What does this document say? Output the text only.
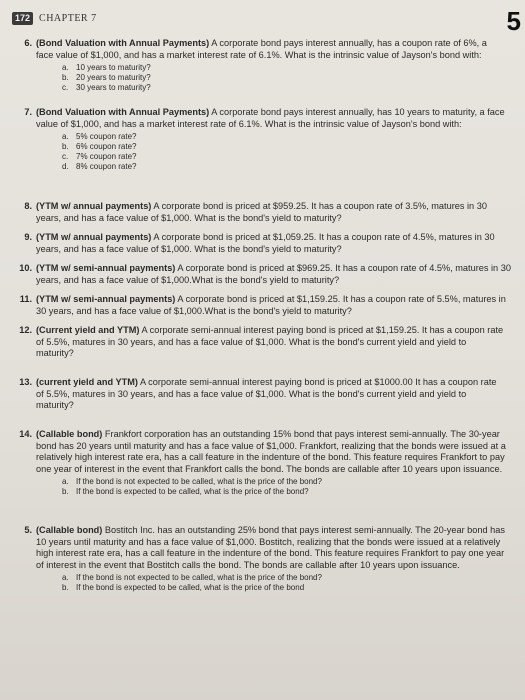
172 CHAPTER 7	5
6. (Bond Valuation with Annual Payments) A corporate bond pays interest annually, has a coupon rate of 6%, a face value of $1,000, and has a market interest rate of 6.1%. What is the intrinsic value of Jayson's bond with:
a. 10 years to maturity?
b. 20 years to maturity?
c. 30 years to maturity?
7. (Bond Valuation with Annual Payments) A corporate bond pays interest annually, has 10 years to maturity, a face value of $1,000, and has a market interest rate of 6.1%. What is the intrinsic value of Jayson's bond with:
a. 5% coupon rate?
b. 6% coupon rate?
c. 7% coupon rate?
d. 8% coupon rate?
8. (YTM w/ annual payments) A corporate bond is priced at $959.25. It has a coupon rate of 3.5%, matures in 30 years, and has a face value of $1,000. What is the bond's yield to maturity?
9. (YTM w/ annual payments) A corporate bond is priced at $1,059.25. It has a coupon rate of 4.5%, matures in 30 years, and has a face value of $1,000. What is the bond's yield to maturity?
10. (YTM w/ semi-annual payments) A corporate bond is priced at $969.25. It has a coupon rate of 4.5%, matures in 30 years, and has a face value of $1,000.What is the bond's yield to maturity?
11. (YTM w/ semi-annual payments) A corporate bond is priced at $1,159.25. It has a coupon rate of 5.5%, matures in 30 years, and has a face value of $1,000.What is the bond's yield to maturity?
12. (Current yield and YTM) A corporate semi-annual interest paying bond is priced at $1,159.25. It has a coupon rate of 5.5%, matures in 30 years, and has a face value of $1,000. What is the bond's current yield and yield to maturity?
13. (current yield and YTM) A corporate semi-annual interest paying bond is priced at $1000.00 It has a coupon rate of 5.5%, matures in 30 years, and has a face value of $1,000. What is the bond's current yield and yield to maturity?
14. (Callable bond) Frankfort corporation has an outstanding 15% bond that pays interest semi-annually. The 30-year bond has 20 years until maturity and has a face value of $1,000. Frankfort, realizing that the bonds were issued at a relatively high interest rate era, has a call feature in the indenture of the bond. This feature requires Frankfort to pay one year of interest in the event that Frankfort calls the bond. The bonds are callable after 10 years upon issuance.
a. If the bond is not expected to be called, what is the price of the bond?
b. If the bond is expected to be called, what is the price of the bond?
5. (Callable bond) Bostitch Inc. has an outstanding 25% bond that pays interest semi-annually. The 20-year bond has 10 years until maturity and has a face value of $1,000. Bostitch, realizing that the bonds were issued at a relatively high interest rate era, has a call feature in the indenture of the bond. This feature requires Frankfort to pay one year of interest in the event that Bostitch calls the bond. The bonds are callable after 10 years upon issuance.
a. If the bond is not expected to be called, what is the price of the bond?
b. If the bond is expected to be called, what is the price of the bond
